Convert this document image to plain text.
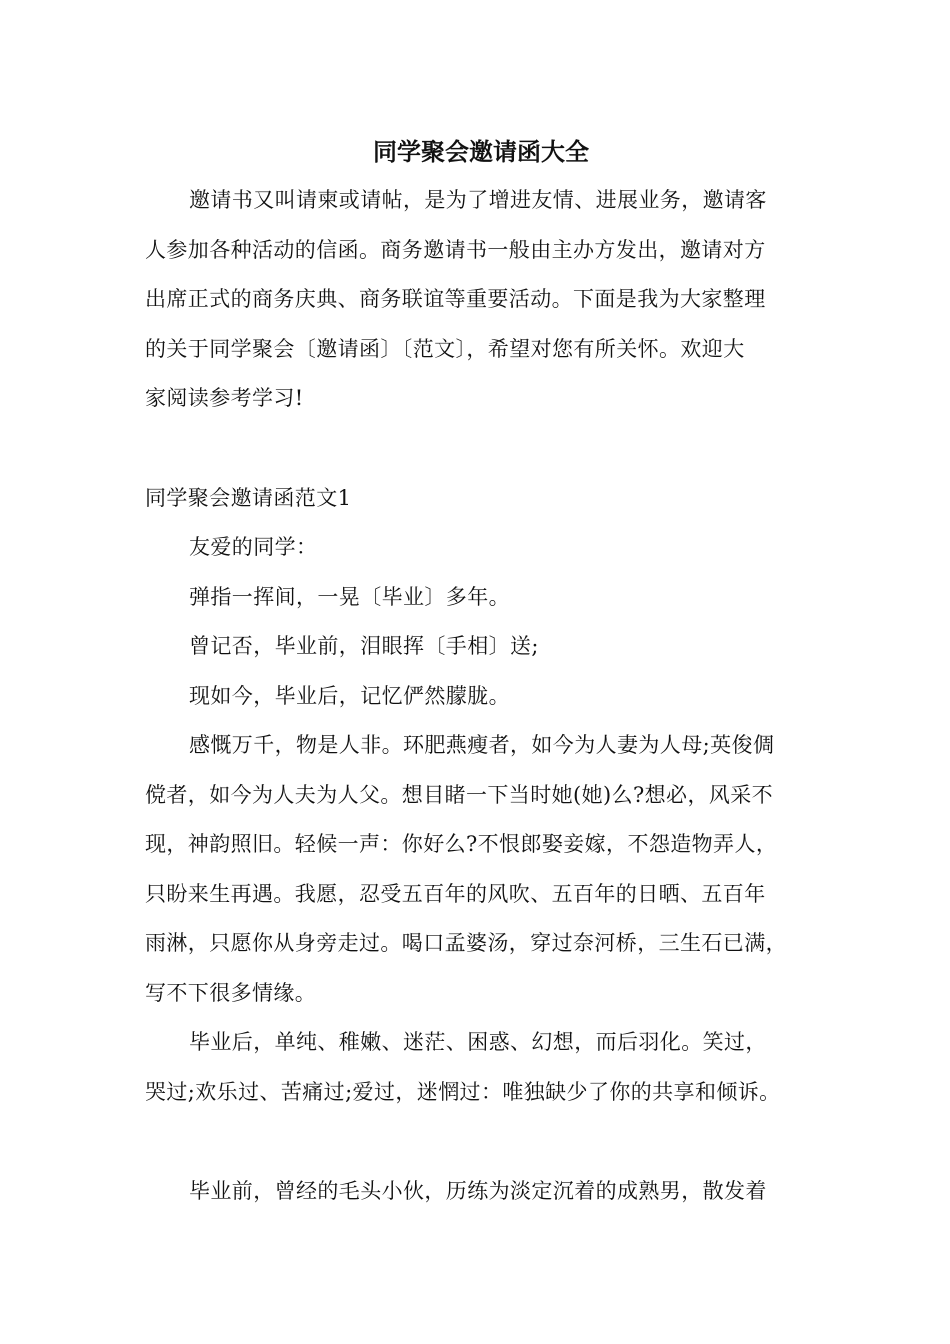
同学聚会邀请函大全

邀请书又叫请柬或请帖，是为了增进友情、进展业务，邀请客
人参加各种活动的信函。商务邀请书一般由主办方发出，邀请对方
出席正式的商务庆典、商务联谊等重要活动。下面是我为大家整理
的关于同学聚会〔邀请函〕〔范文〕，希望对您有所关怀。欢迎大
家阅读参考学习!

同学聚会邀请函范文1

友爱的同学：

弹指一挥间，一晃〔毕业〕多年。

曾记否，毕业前，泪眼挥〔手相〕送;

现如今，毕业后，记忆俨然朦胧。

感慨万千，物是人非。环肥燕瘦者，如今为人妻为人母;英俊倜
傥者，如今为人夫为人父。想目睹一下当时她(她)么?想必，风采不
现，神韵照旧。轻候一声：你好么?不恨郎娶妾嫁，不怨造物弄人，
只盼来生再遇。我愿，忍受五百年的风吹、五百年的日晒、五百年
雨淋，只愿你从身旁走过。喝口孟婆汤，穿过奈河桥，三生石已满，
写不下很多情缘。

毕业后，单纯、稚嫩、迷茫、困惑、幻想，而后羽化。笑过，
哭过;欢乐过、苦痛过;爱过，迷惘过：唯独缺少了你的共享和倾诉。

毕业前，曾经的毛头小伙，历练为淡定沉着的成熟男，散发着
